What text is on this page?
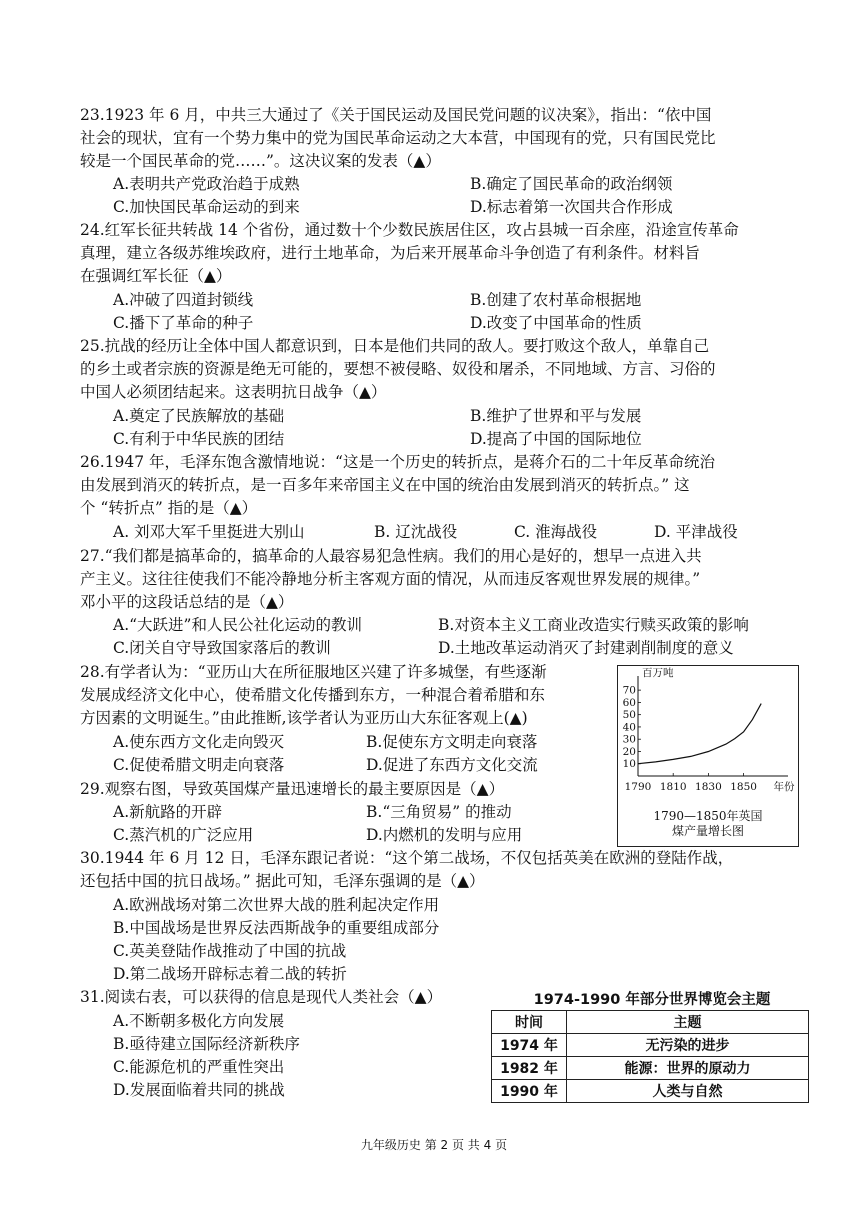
23.1923 年 6 月，中共三大通过了《关于国民运动及国民党问题的议决案》，指出：“依中国
社会的现状，宜有一个势力集中的党为国民革命运动之大本营，中国现有的党，只有国民党比
较是一个国民革命的党……”。这决议案的发表（▲）
A.表明共产党政治趋于成熟	B.确定了国民革命的政治纲领
C.加快国民革命运动的到来	D.标志着第一次国共合作形成
24.红军长征共转战 14 个省份，通过数十个少数民族居住区，攻占县城一百余座，沿途宣传革命
真理，建立各级苏维埃政府，进行土地革命，为后来开展革命斗争创造了有利条件。材料旨
在强调红军长征（▲）
A.冲破了四道封锁线	B.创建了农村革命根据地
C.播下了革命的种子	D.改变了中国革命的性质
25.抗战的经历让全体中国人都意识到，日本是他们共同的敌人。要打败这个敌人，单靠自己
的乡土或者宗族的资源是绝无可能的，要想不被侵略、奴役和屠杀，不同地域、方言、习俗的
中国人必须团结起来。这表明抗日战争（▲）
A.奠定了民族解放的基础	B.维护了世界和平与发展
C.有利于中华民族的团结	D.提高了中国的国际地位
26.1947 年，毛泽东饱含激情地说：“这是一个历史的转折点，是蒋介石的二十年反革命统治
由发展到消灭的转折点，是一百多年来帝国主义在中国的统治由发展到消灭的转折点。” 这
个 “转折点” 指的是（▲）
A. 刘邓大军千里挺进大别山	B. 辽沈战役	C. 淮海战役	D. 平津战役
27.“我们都是搞革命的，搞革命的人最容易犯急性病。我们的用心是好的，想早一点进入共
产主义。这往往使我们不能冷静地分析主客观方面的情况，从而违反客观世界发展的规律。”
邓小平的这段话总结的是（▲）
A.“大跃进”和人民公社化运动的教训	B.对资本主义工商业改造实行赎买政策的影响
C.闭关自守导致国家落后的教训	D.土地改革运动消灭了封建剥削制度的意义
28.有学者认为：“亚历山大在所征服地区兴建了许多城堡，有些逐渐
发展成经济文化中心，使希腊文化传播到东方，一种混合着希腊和东
方因素的文明诞生。”由此推断,该学者认为亚历山大东征客观上(▲)
A.使东西方文化走向毁灭	B.促使东方文明走向衰落
C.促使希腊文明走向衰落	D.促进了东西方文化交流
29.观察右图，导致英国煤产量迅速增长的最主要原因是（▲）
A.新航路的开辟	B.“三角贸易” 的推动
C.蒸汽机的广泛应用	D.内燃机的发明与应用
百万吨
10
20
30
40
50
60
70
1790 1810 1830 1850 年份
1790—1850年英国
煤产量增长图
30.1944 年 6 月 12 日，毛泽东跟记者说：“这个第二战场，不仅包括英美在欧洲的登陆作战，
还包括中国的抗日战场。” 据此可知，毛泽东强调的是（▲）
A.欧洲战场对第二次世界大战的胜利起决定作用
B.中国战场是世界反法西斯战争的重要组成部分
C.英美登陆作战推动了中国的抗战
D.第二战场开辟标志着二战的转折
31.阅读右表，可以获得的信息是现代人类社会（▲）
A.不断朝多极化方向发展
B.亟待建立国际经济新秩序
C.能源危机的严重性突出
D.发展面临着共同的挑战
1974-1990 年部分世界博览会主题
时间	主题
1974 年	无污染的进步
1982 年	能源：世界的原动力
1990 年	人类与自然
九年级历史 第 2 页 共 4 页
